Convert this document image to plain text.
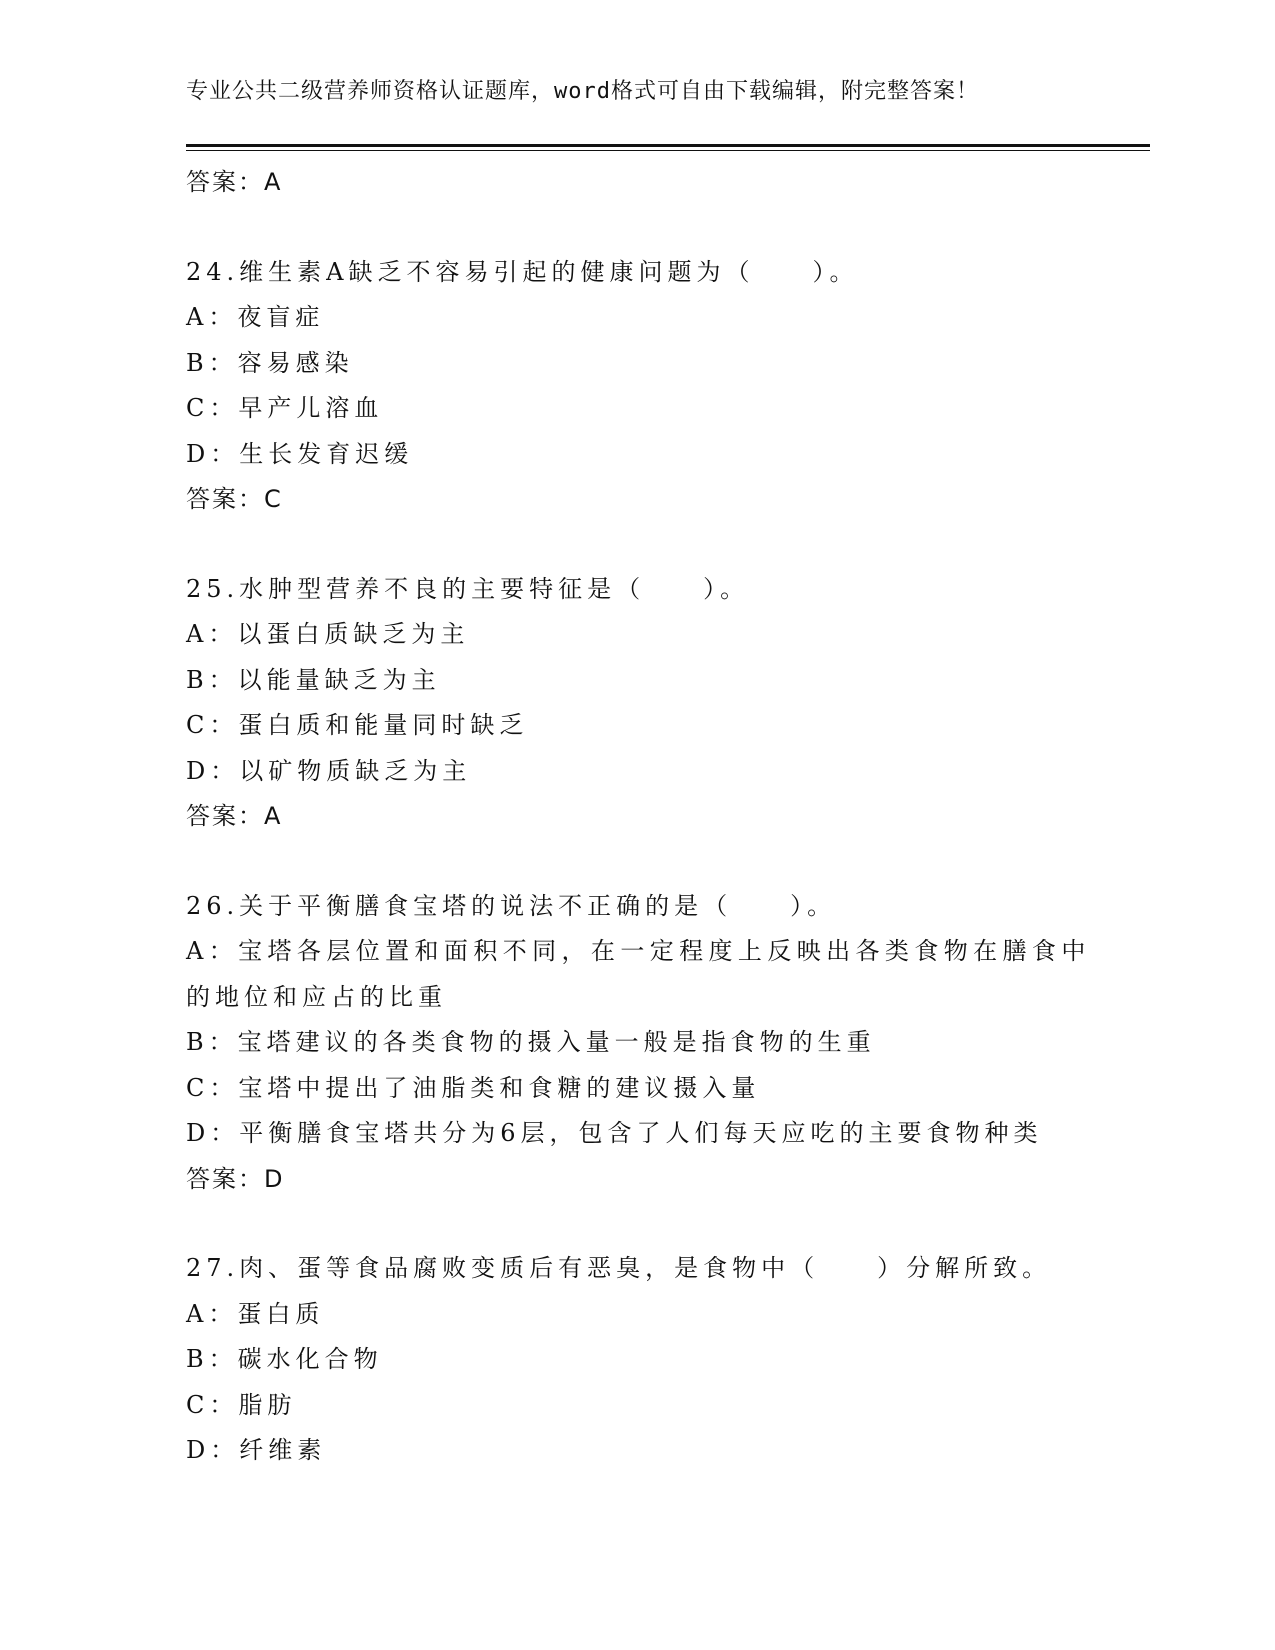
专业公共二级营养师资格认证题库，word格式可自由下载编辑，附完整答案！
答案：A
24.维生素A缺乏不容易引起的健康问题为（　　）。
A：夜盲症
B：容易感染
C：早产儿溶血
D：生长发育迟缓
答案：C
25.水肿型营养不良的主要特征是（　　）。
A：以蛋白质缺乏为主
B：以能量缺乏为主
C：蛋白质和能量同时缺乏
D：以矿物质缺乏为主
答案：A
26.关于平衡膳食宝塔的说法不正确的是（　　）。
A：宝塔各层位置和面积不同，在一定程度上反映出各类食物在膳食中
的地位和应占的比重
B：宝塔建议的各类食物的摄入量一般是指食物的生重
C：宝塔中提出了油脂类和食糖的建议摄入量
D：平衡膳食宝塔共分为6层，包含了人们每天应吃的主要食物种类
答案：D
27.肉、蛋等食品腐败变质后有恶臭，是食物中（　　）分解所致。
A：蛋白质
B：碳水化合物
C：脂肪
D：纤维素
